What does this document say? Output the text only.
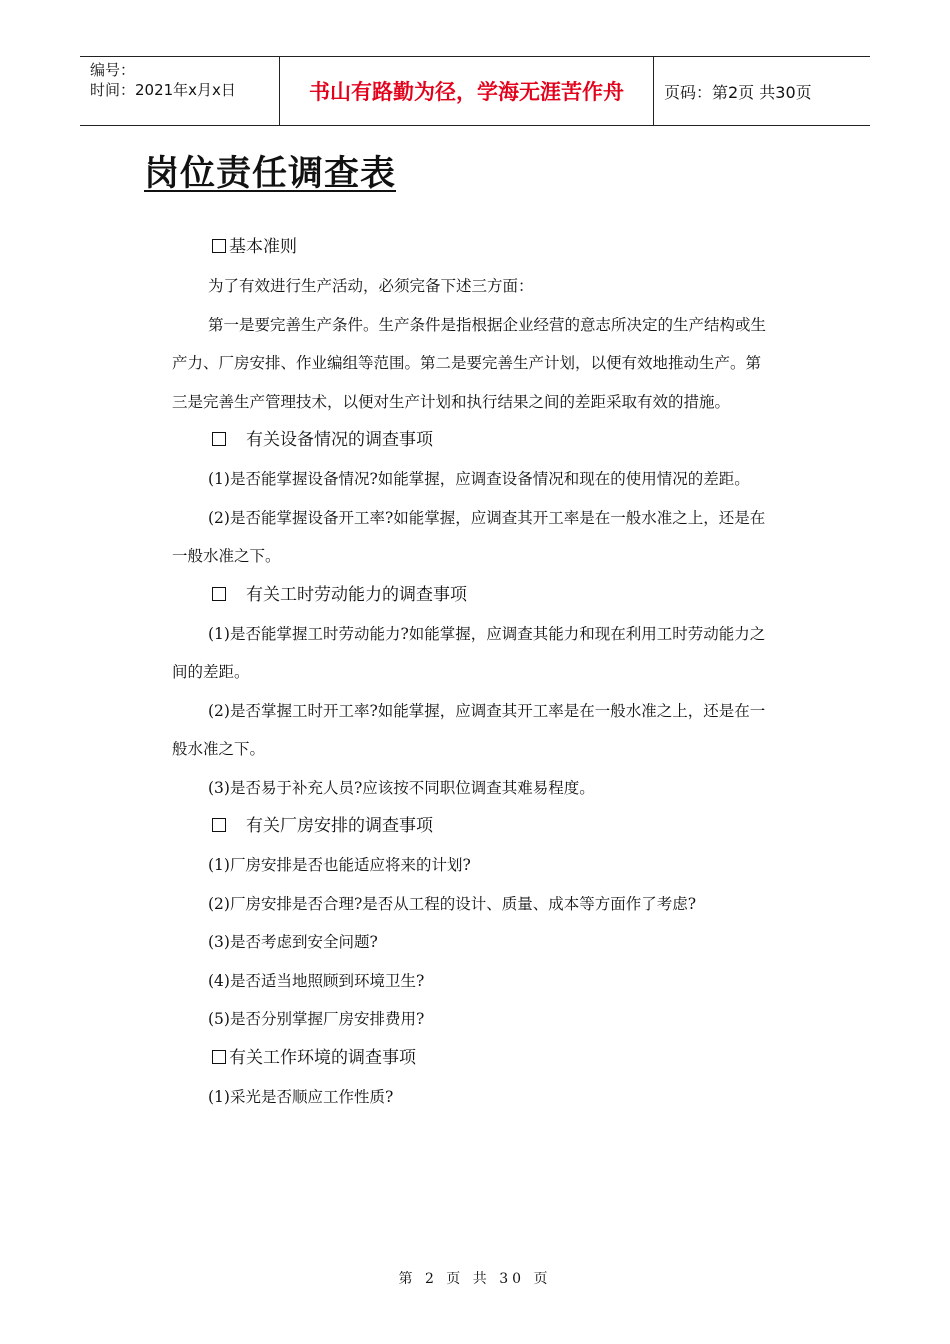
编号：
时间：2021年x月x日	书山有路勤为径，学海无涯苦作舟	页码：第2页 共30页
岗位责任调查表

基本准则

为了有效进行生产活动，必须完备下述三方面：

第一是要完善生产条件。生产条件是指根据企业经营的意志所决定的生产结构或生产力、厂房安排、作业编组等范围。第二是要完善生产计划，以便有效地推动生产。第三是完善生产管理技术，以便对生产计划和执行结果之间的差距采取有效的措施。

有关设备情况的调查事项

(1)是否能掌握设备情况?如能掌握，应调查设备情况和现在的使用情况的差距。

(2)是否能掌握设备开工率?如能掌握，应调查其开工率是在一般水准之上，还是在一般水准之下。

有关工时劳动能力的调查事项

(1)是否能掌握工时劳动能力?如能掌握，应调查其能力和现在利用工时劳动能力之间的差距。

(2)是否掌握工时开工率?如能掌握，应调查其开工率是在一般水准之上，还是在一般水准之下。

(3)是否易于补充人员?应该按不同职位调查其难易程度。

有关厂房安排的调查事项

(1)厂房安排是否也能适应将来的计划?

(2)厂房安排是否合理?是否从工程的设计、质量、成本等方面作了考虑?

(3)是否考虑到安全问题?

(4)是否适当地照顾到环境卫生?

(5)是否分别掌握厂房安排费用?

有关工作环境的调查事项

(1)采光是否顺应工作性质?

第 2 页 共 30 页
